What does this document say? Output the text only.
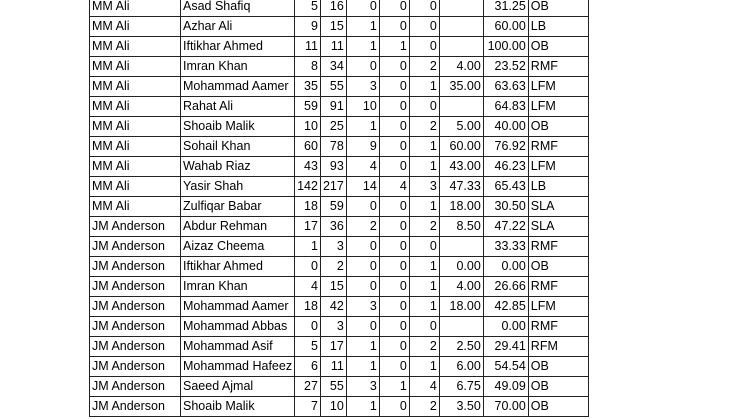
MM Ali	Asad Shafiq	5	16	0	0	0		31.25	OB
MM Ali	Azhar Ali	9	15	1	0	0		60.00	LB
MM Ali	Iftikhar Ahmed	11	11	1	1	0		100.00	OB
MM Ali	Imran Khan	8	34	0	0	2	4.00	23.52	RMF
MM Ali	Mohammad Aamer	35	55	3	0	1	35.00	63.63	LFM
MM Ali	Rahat Ali	59	91	10	0	0		64.83	LFM
MM Ali	Shoaib Malik	10	25	1	0	2	5.00	40.00	OB
MM Ali	Sohail Khan	60	78	9	0	1	60.00	76.92	RMF
MM Ali	Wahab Riaz	43	93	4	0	1	43.00	46.23	LFM
MM Ali	Yasir Shah	142	217	14	4	3	47.33	65.43	LB
MM Ali	Zulfiqar Babar	18	59	0	0	1	18.00	30.50	SLA
JM Anderson	Abdur Rehman	17	36	2	0	2	8.50	47.22	SLA
JM Anderson	Aizaz Cheema	1	3	0	0	0		33.33	RMF
JM Anderson	Iftikhar Ahmed	0	2	0	0	1	0.00	0.00	OB
JM Anderson	Imran Khan	4	15	0	0	1	4.00	26.66	RMF
JM Anderson	Mohammad Aamer	18	42	3	0	1	18.00	42.85	LFM
JM Anderson	Mohammad Abbas	0	3	0	0	0		0.00	RMF
JM Anderson	Mohammad Asif	5	17	1	0	2	2.50	29.41	RFM
JM Anderson	Mohammad Hafeez	6	11	1	0	1	6.00	54.54	OB
JM Anderson	Saeed Ajmal	27	55	3	1	4	6.75	49.09	OB
JM Anderson	Shoaib Malik	7	10	1	0	2	3.50	70.00	OB
